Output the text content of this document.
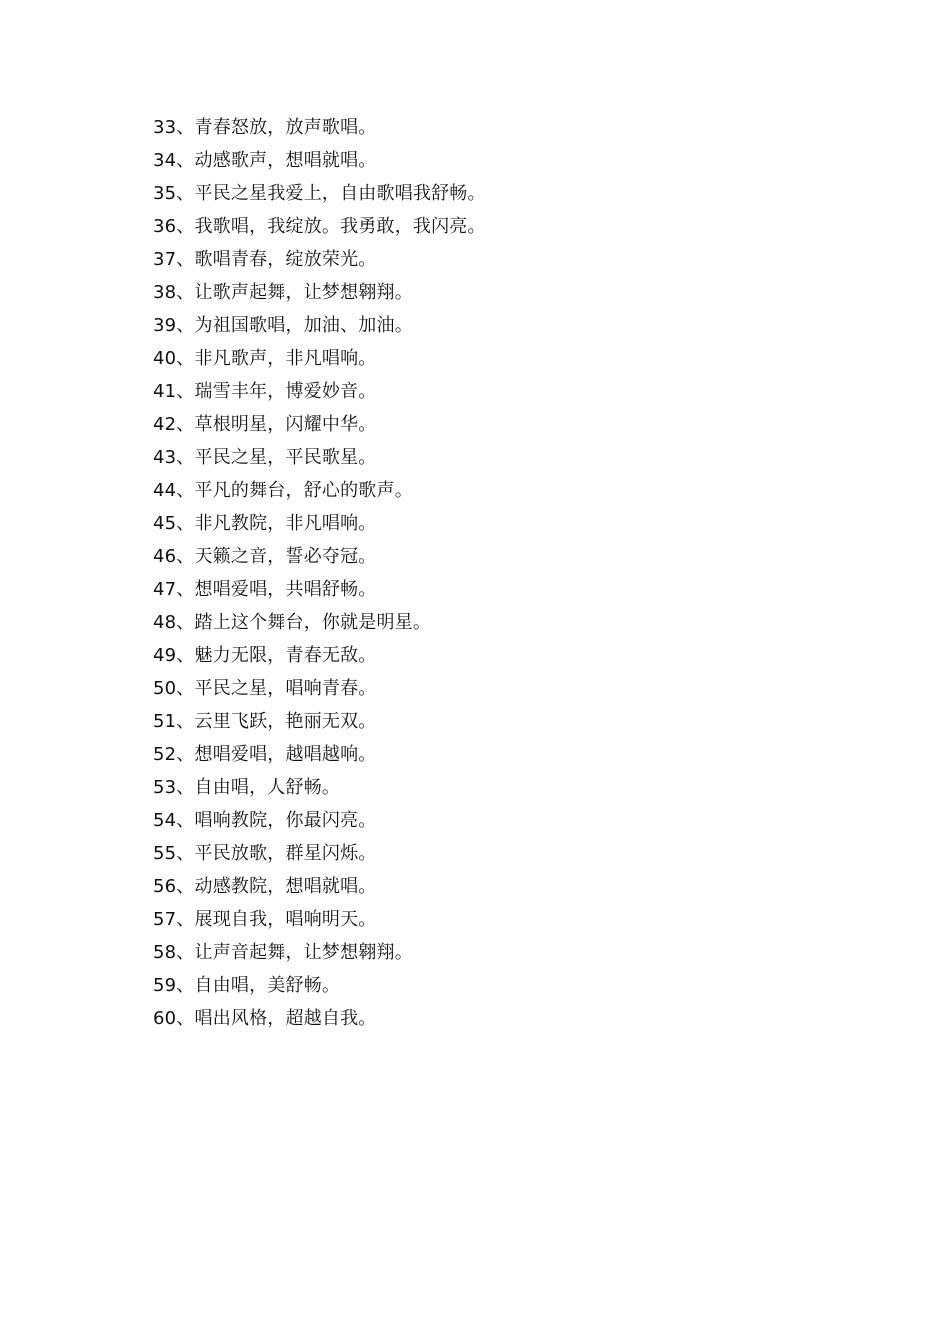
33、青春怒放，放声歌唱。
34、动感歌声，想唱就唱。
35、平民之星我爱上，自由歌唱我舒畅。
36、我歌唱，我绽放。我勇敢，我闪亮。
37、歌唱青春，绽放荣光。
38、让歌声起舞，让梦想翱翔。
39、为祖国歌唱，加油、加油。
40、非凡歌声，非凡唱响。
41、瑞雪丰年，博爱妙音。
42、草根明星，闪耀中华。
43、平民之星，平民歌星。
44、平凡的舞台，舒心的歌声。
45、非凡教院，非凡唱响。
46、天籁之音，誓必夺冠。
47、想唱爱唱，共唱舒畅。
48、踏上这个舞台，你就是明星。
49、魅力无限，青春无敌。
50、平民之星，唱响青春。
51、云里飞跃，艳丽无双。
52、想唱爱唱，越唱越响。
53、自由唱，人舒畅。
54、唱响教院，你最闪亮。
55、平民放歌，群星闪烁。
56、动感教院，想唱就唱。
57、展现自我，唱响明天。
58、让声音起舞，让梦想翱翔。
59、自由唱，美舒畅。
60、唱出风格，超越自我。
